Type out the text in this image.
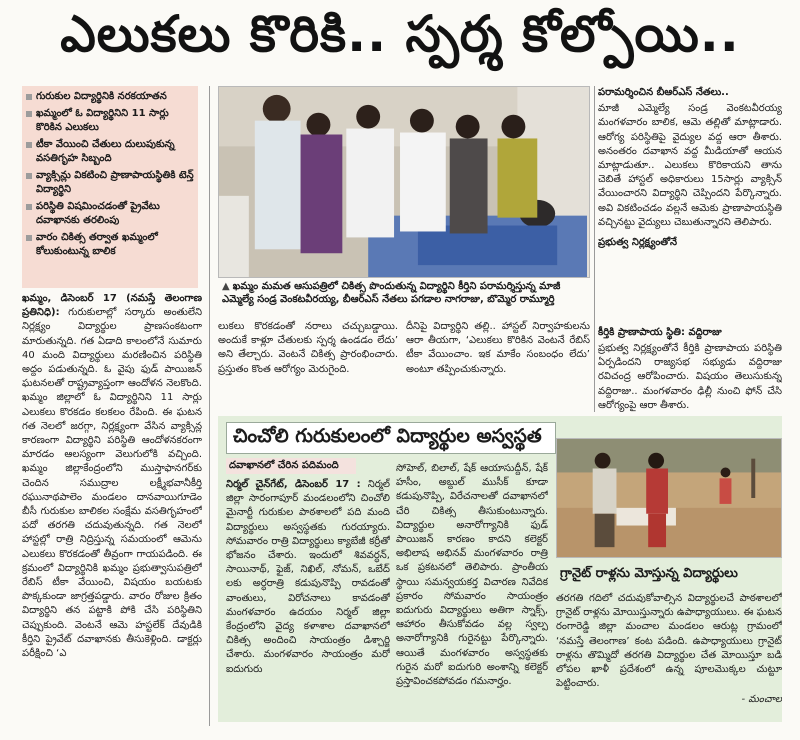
ఎలుకలు కొరికి.. స్పర్శ కోల్పోయి..
గురుకుల విద్యార్థినికి నరకయాతన
ఖమ్మంలో ఓ విద్యార్థినిని 11 సార్లు కొరికిన ఎలుకలు
టీకా వేయించి చేతులు దులుపుకున్న వసతిగృహ సిబ్బంది
వ్యాక్సిన్లు వికటించి ప్రాణాపాయస్థితికి టెన్త్ విద్యార్థిని
పరిస్థితి విషమించడంతో ప్రైవేటు దవాఖానకు తరలింపు
వారం చికిత్స తర్వాత ఖమ్మంలో కోలుకుంటున్న బాలిక

ఖమ్మం, డిసెంబర్ 17 (నమస్తే తెలంగాణ ప్రతినిధి): గురుకులాల్లో సర్కారు అంతులేని నిర్లక్ష్యం విద్యార్థుల ప్రాణసంకటంగా మారుతున్నది. గత ఏడాది కాలంలోనే సుమారు 40 మంది విద్యార్థులు మరణించిన పరిస్థితి అద్దం పడుతున్నది. ఓ వైపు ఫుడ్ పాయిజన్ ఘటనలతో రాష్ట్రవ్యాప్తంగా ఆందోళన నెలకొంది. ఖమ్మం జిల్లాలో ఓ విద్యార్థినిని 11 సార్లు ఎలుకలు కొరకడం కలకలం రేపింది. ఈ ఘటన గత నెలలో జరగ్గా, నిర్లక్ష్యంగా వేసిన వ్యాక్సిన్ల కారణంగా విద్యార్థిని పరిస్థితి ఆందోళనకరంగా మారడం ఆలస్యంగా వెలుగులోకి వచ్చింది. ఖమ్మం జిల్లాకేంద్రంలోని ముస్తాఫానగర్‌కు చెందిన సముద్రాల లక్ష్మీభవానీకీర్తి రఘునాథపాలెం మండలం దానవాయిగూడెం బీసీ గురుకుల బాలికల సంక్షేమ వసతిగృహంలో పదో తరగతి చదువుతున్నది. గత నెలలో హాస్టల్లో రాత్రి నిద్రిస్తున్న సమయంలో ఆమెను ఎలుకలు కొరకడంతో తీవ్రంగా గాయపడింది. ఈ క్రమంలో విద్యార్థినికి ఖమ్మం ప్రభుత్వాసుపత్రిలో రేబిస్ టీకా వేయించి, విషయం బయటకు పొక్కకుండా జాగ్రత్తపడ్డారు. వారం రోజుల క్రితం విద్యార్థిని తన పట్టాకి పోకి చేసి పరిస్థితిని చెప్పుకుంది. వెంటనే ఆమె హస్టలేక్ దేవుడికి కీర్తిని ప్రైవేట్ దవాఖానకు తీసుకెళ్లింది. డాక్టర్లు పరీక్షించి ‘ఎ

▲ ఖమ్మం మమత ఆసుపత్రిలో చికిత్స పొందుతున్న విద్యార్థిని కీర్తిని పరామర్శిస్తున్న మాజీ ఎమ్మెల్యే సండ్ర వెంకటవీరయ్య, బీఆర్ఎస్ నేతలు పగడాల నాగరాజు, బొమ్మెర రామ్మూర్తి

లుకలు కొరకడంతో నరాలు చచ్చుబడ్డాయి. అందుకే కాళ్లూ చేతులకు స్పర్శ ఉండడం లేదు’ అని తేల్చారు. వెంటనే చికిత్స ప్రారంభించారు. ప్రస్తుతం కొంత ఆరోగ్యం మెరుగైంది.

దీనిపై విద్యార్థిని తల్లి.. హాస్టల్ నిర్వాహకులను ఆరా తీయగా, ‘ఎలుకలు కొరికిన వెంటనే రేబిస్ టీకా వేయించాం. ఇక మాకేం సంబంధం లేదు’ అంటూ తప్పించుకున్నారు.

పరామర్శించిన బీఆర్ఎస్ నేతలు..

మాజీ ఎమ్మెల్యే సండ్ర వెంకటవీరయ్య మంగళవారం బాలిక, ఆమె తల్లితో మాట్లాడారు. ఆరోగ్య పరిస్థితిపై వైద్యుల వద్ద ఆరా తీశారు. అనంతరం దవాఖాన వద్ద మీడియాతో ఆయన మాట్లాడుతూ.. ఎలుకలు కొరికాయని తాను చెబితే హాస్టల్ అధికారులు 15సార్లు వ్యాక్సిన్ వేయించారని విద్యార్థిని చెప్పిందని పేర్కొన్నారు. అవి వికటించడం వల్లనే ఆమెకు ప్రాణాపాయస్థితి వచ్చినట్టు వైద్యులు చెబుతున్నారని తెలిపారు.

ప్రభుత్వ నిర్లక్ష్యంతోనే

కీర్తికి ప్రాణాపాయ స్థితి: వద్దిరాజు

ప్రభుత్వ నిర్లక్ష్యంతోనే కీర్తికి ప్రాణాపాయ పరిస్థితి ఏర్పడిందని రాజ్యసభ సభ్యుడు వద్దిరాజు రవిచంద్ర ఆరోపించారు. విషయం తెలుసుకున్న వద్దిరాజు.. మంగళవారం ఢిల్లీ నుంచి ఫోన్ చేసి ఆరోగ్యంపై ఆరా తీశారు.

చించోలి గురుకులంలో విద్యార్థుల అస్వస్థత
దవాఖానలో చేరిన పదిమంది

నిర్మల్ చైన్‌గేట్, డిసెంబర్ 17 : నిర్మల్ జిల్లా సారంగాపూర్ మండలంలోని చించోలి మైనార్టీ గురుకుల పాఠశాలలో పది మంది విద్యార్థులు అస్వస్థతకు గురయ్యారు. సోమవారం రాత్రి విద్యార్థులు క్యాబేజీ కర్రీతో భోజనం చేశారు. ఇందులో శివవర్ధన్, సాయినాథ్, ఫైజ్, నిఖిల్, నోమన్, ఒబేద్ లకు అర్ధరాత్రి కడుపునొప్పి రావడంతో వాంతులు, విరోచనాలు కావడంతో మంగళవారం ఉదయం నిర్మల్ జిల్లా కేంద్రంలోని వైద్య కళాశాల దవాఖానలో చికిత్స అందించి సాయంత్రం డిశ్చార్జి చేశారు. మంగళవారం సాయంత్రం మరో ఐదుగురు

సోహెల్, బిలాల్, షేక్ ఆయాసుద్దీన్, షేక్ హసీం, అబ్దుల్ ముసీక్ కూడా కడుపునొప్పి, విరేచనాలతో దవాఖానలో చేరి చికిత్స తీసుకుంటున్నారు. విద్యార్థుల అనారోగ్యానికి ఫుడ్ పాయిజన్ కారణం కాదని కలెక్టర్ అభిలాష అభినవ్ మంగళవారం రాత్రి ఒక ప్రకటనలో తెలిపారు. ప్రాంతీయ స్థాయి సమన్వయకర్త విచారణ నివేదిక ప్రకారం సోమవారం సాయంత్రం ఐదుగురు విద్యార్థులు అతిగా స్నాక్స్, ఆహారం తీసుకోవడం వల్ల స్వల్ప అనారోగ్యానికి గురైనట్టు పేర్కొన్నారు. ఆయితే మంగళవారం అస్వస్థతకు గురైన మరో ఐదుగురి అంశాన్ని కలెక్టర్ ప్రస్తావించకపోవడం గమనార్హం.

గ్రానైట్ రాళ్లను మోస్తున్న విద్యార్థులు

తరగతి గదిలో చదువుకోవాల్సిన విద్యార్థులచే పాఠశాలలో గ్రానైట్ రాళ్లను మోయిస్తున్నారు ఉపాధ్యాయులు. ఈ ఘటన రంగారెడ్డి జిల్లా మంచాల మండలం ఆరుట్ల గ్రామంలో ‘నమస్తే తెలంగాణ’ కంట పడింది. ఉపాధ్యాయులు గ్రానైట్ రాళ్లను తొమ్మిదో తరగతి విద్యార్థుల చేత మోయిస్తూ బడి లోపల ఖాళీ ప్రదేశంలో ఉన్న పూలమొక్కల చుట్టూ పెట్టించారు.

- మంచాల
